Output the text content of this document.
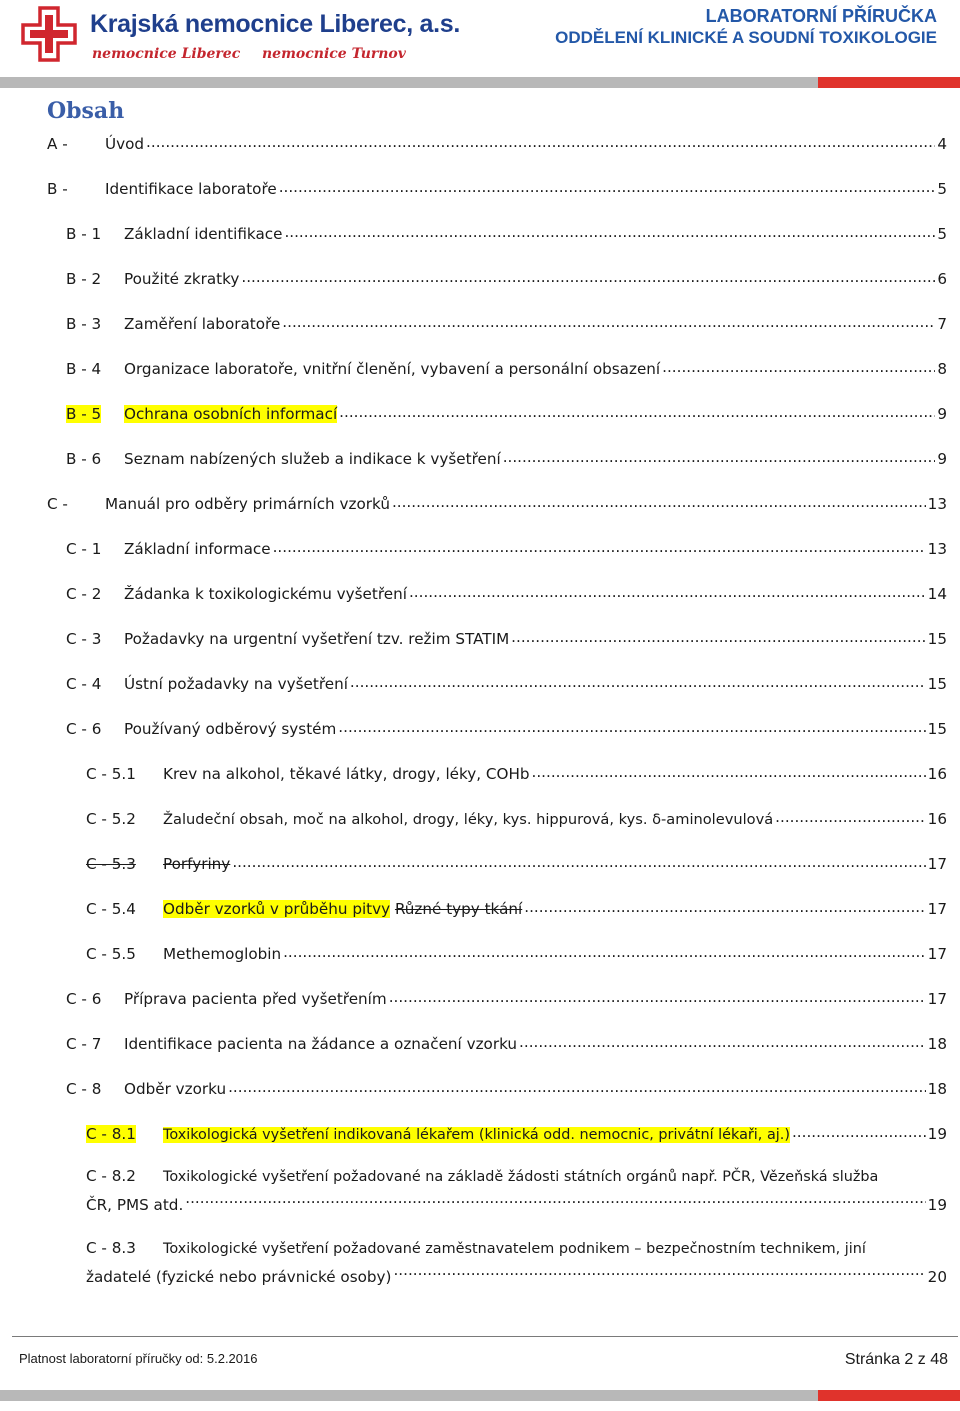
Krajská nemocnice Liberec, a.s.
nemocnice Liberec nemocnice Turnov
LABORATORNÍ PŘÍRUČKA
ODDĚLENÍ KLINICKÉ A SOUDNÍ TOXIKOLOGIE
Obsah
A -	Úvod .....	4
B -	Identifikace laboratoře .....	5
B - 1	Základní identifikace .....	5
B - 2	Použité zkratky .....	6
B - 3	Zaměření laboratoře .....	7
B - 4	Organizace laboratoře, vnitřní členění, vybavení a personální obsazení .....	8
B - 5	Ochrana osobních informací .....	9
B - 6	Seznam nabízených služeb a indikace k vyšetření .....	9
C -	Manuál pro odběry primárních vzorků .....	13
C - 1	Základní informace .....	13
C - 2	Žádanka k toxikologickému vyšetření .....	14
C - 3	Požadavky na urgentní vyšetření tzv. režim STATIM .....	15
C - 4	Ústní požadavky na vyšetření .....	15
C - 6	Používaný odběrový systém .....	15
C - 5.1	Krev na alkohol, těkavé látky, drogy, léky, COHb .....	16
C - 5.2	Žaludeční obsah, moč na alkohol, drogy, léky, kys. hippurová, kys. δ-aminolevulová .....	16
C - 5.3	Porfyriny .....	17
C - 5.4	Odběr vzorků v průběhu pitvy Různé typy tkání .....	17
C - 5.5	Methemoglobin .....	17
C - 6	Příprava pacienta před vyšetřením .....	17
C - 7	Identifikace pacienta na žádance a označení vzorku .....	18
C - 8	Odběr vzorku .....	18
C - 8.1	Toxikologická vyšetření indikovaná lékařem (klinická odd. nemocnic, privátní lékaři, aj.) .....	19
C - 8.2 Toxikologické vyšetření požadované na základě žádosti státních orgánů např. PČR, Vězeňská služba
ČR, PMS atd. .....	19
C - 8.3 Toxikologické vyšetření požadované zaměstnavatelem podnikem – bezpečnostním technikem, jiní
žadatelé (fyzické nebo právnické osoby) .....	20
Platnost laboratorní příručky od: 5.2.2016	Stránka 2 z 48
